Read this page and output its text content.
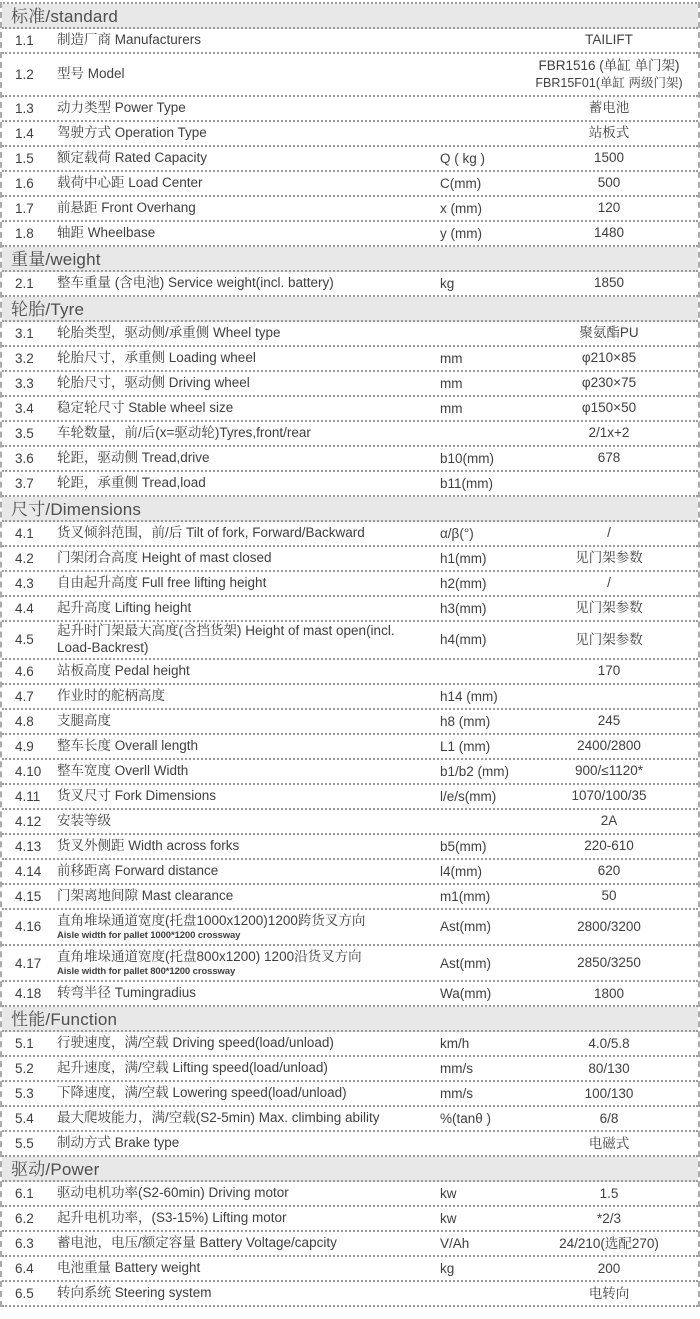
标准/standard
1.1	制造厂商 Manufacturers	TAILIFT
1.2	型号 Model
FBR1516 (单缸 单门架)
FBR15F01(单缸 两级门架)
1.3	动力类型 Power Type	蓄电池
1.4	驾驶方式 Operation Type	站板式
1.5	额定载荷 Rated Capacity	Q ( kg )	1500
1.6	载荷中心距 Load Center	C(mm)	500
1.7	前悬距 Front Overhang	x (mm)	120
1.8	轴距 Wheelbase	y (mm)	1480
重量/weight
2.1	整车重量 (含电池) Service weight(incl. battery)	kg	1850
轮胎/Tyre
3.1	轮胎类型，驱动侧/承重侧 Wheel type	聚氨酯PU
3.2	轮胎尺寸，承重侧 Loading wheel	mm	φ210×85
3.3	轮胎尺寸，驱动侧 Driving wheel	mm	φ230×75
3.4	稳定轮尺寸 Stable wheel size	mm	φ150×50
3.5	车轮数量，前/后(x=驱动轮)Tyres,front/rear	2/1x+2
3.6	轮距，驱动侧 Tread,drive	b10(mm)	678
3.7	轮距，承重侧 Tread,load	b11(mm)
尺寸/Dimensions
4.1	货叉倾斜范围，前/后 Tilt of fork, Forward/Backward	α/β(°)	/
4.2	门架闭合高度 Height of mast closed	h1(mm)	见门架参数
4.3	自由起升高度 Full free lifting height	h2(mm)	/
4.4	起升高度 Lifting height	h3(mm)	见门架参数
4.5
起升时门架最大高度(含挡货架) Height of mast open(incl. Load-Backrest)	h4(mm)	见门架参数
4.6	站板高度 Pedal height	170
4.7	作业时的舵柄高度	h14 (mm)
4.8	支腿高度	h8 (mm)	245
4.9	整车长度 Overall length	L1 (mm)	2400/2800
4.10	整车宽度 Overll Width	b1/b2 (mm)	900/≤1120*
4.11	货叉尺寸 Fork Dimensions	l/e/s(mm)	1070/100/35
4.12	安装等级	2A
4.13	货叉外侧距 Width across forks	b5(mm)	220-610
4.14	前移距离 Forward distance	l4(mm)	620
4.15	门架离地间隙 Mast clearance	m1(mm)	50
4.16	直角堆垛通道宽度(托盘1000x1200)1200跨货叉方向
Aisle width for pallet 1000*1200 crossway
Ast(mm)	2800/3200
4.17	直角堆垛通道宽度(托盘800x1200) 1200沿货叉方向
Aisle width for pallet 800*1200 crossway
Ast(mm)	2850/3250
4.18	转弯半径 Tumingradius	Wa(mm)	1800
性能/Function
5.1	行驶速度，满/空载 Driving speed(load/unload)	km/h	4.0/5.8
5.2	起升速度，满/空载 Lifting speed(load/unload)	mm/s	80/130
5.3	下降速度，满/空载 Lowering speed(load/unload)	mm/s	100/130
5.4	最大爬坡能力，满/空载(S2-5min) Max. climbing ability	%(tanθ )	6/8
5.5	制动方式 Brake type	电磁式
驱动/Power
6.1	驱动电机功率(S2-60min) Driving motor	kw	1.5
6.2	起升电机功率，(S3-15%) Lifting motor	kw	*2/3
6.3	蓄电池，电压/额定容量 Battery Voltage/capcity	V/Ah	24/210(选配270)
6.4	电池重量 Battery weight	kg	200
6.5	转向系统 Steering system	电转向
